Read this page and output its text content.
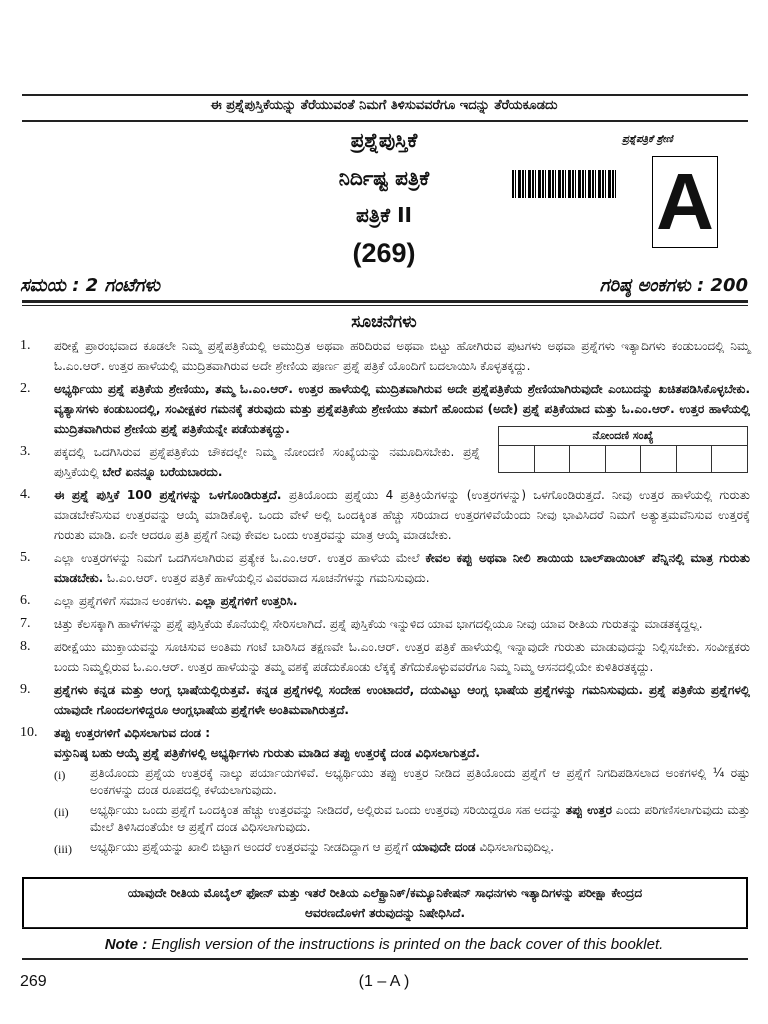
ಈ ಪ್ರಶ್ನೆಪುಸ್ತಿಕೆಯನ್ನು ತೆರೆಯುವಂತೆ ನಿಮಗೆ ತಿಳಿಸುವವರೆಗೂ ಇದನ್ನು ತೆರೆಯಕೂಡದು
ಪ್ರಶ್ನೆಪುಸ್ತಿಕೆ
ನಿರ್ದಿಷ್ಟ ಪತ್ರಿಕೆ
ಪತ್ರಿಕೆ II
(269)
ಪ್ರಶ್ನೆಪತ್ರಿಕೆ ಶ್ರೇಣಿ
A
ಸಮಯ : 2 ಗಂಟೆಗಳು	ಗರಿಷ್ಠ ಅಂಕಗಳು : 200
ಸೂಚನೆಗಳು
ನೋಂದಣಿ ಸಂಖ್ಯೆ
1.	ಪರೀಕ್ಷೆ ಪ್ರಾರಂಭವಾದ ಕೂಡಲೇ ನಿಮ್ಮ ಪ್ರಶ್ನೆಪತ್ರಿಕೆಯಲ್ಲಿ ಅಮುದ್ರಿತ ಅಥವಾ ಹರಿದಿರುವ ಅಥವಾ ಬಿಟ್ಟು ಹೋಗಿರುವ ಪುಟಗಳು ಅಥವಾ ಪ್ರಶ್ನೆಗಳು ಇತ್ಯಾದಿಗಳು ಕಂಡುಬಂದಲ್ಲಿ ನಿಮ್ಮ ಓ.ಎಂ.ಆರ್. ಉತ್ತರ ಹಾಳೆಯಲ್ಲಿ ಮುದ್ರಿತವಾಗಿರುವ ಅದೇ ಶ್ರೇಣಿಯ ಪೂರ್ಣ ಪ್ರಶ್ನೆ ಪತ್ರಿಕೆ ಯೊಂದಿಗೆ ಬದಲಾಯಿಸಿ ಕೊಳ್ಳತಕ್ಕದ್ದು.
2.	ಅಭ್ಯರ್ಥಿಯು ಪ್ರಶ್ನೆ ಪತ್ರಿಕೆಯ ಶ್ರೇಣಿಯು, ತಮ್ಮ ಓ.ಎಂ.ಆರ್. ಉತ್ತರ ಹಾಳೆಯಲ್ಲಿ ಮುದ್ರಿತವಾಗಿರುವ ಅದೇ ಪ್ರಶ್ನೆಪತ್ರಿಕೆಯ ಶ್ರೇಣಿಯಾಗಿರುವುದೇ ಎಂಬುದನ್ನು ಖಚಿತಪಡಿಸಿಕೊಳ್ಳಬೇಕು. ವ್ಯತ್ಯಾಸಗಳು ಕಂಡುಬಂದಲ್ಲಿ, ಸಂವೀಕ್ಷಕರ ಗಮನಕ್ಕೆ ತರುವುದು ಮತ್ತು ಪ್ರಶ್ನೆಪತ್ರಿಕೆಯ ಶ್ರೇಣಿಯು ತಮಗೆ ಹೊಂದುವ (ಅದೇ) ಪ್ರಶ್ನೆ ಪತ್ರಿಕೆಯಾದ ಮತ್ತು ಓ.ಎಂ.ಆರ್. ಉತ್ತರ ಹಾಳೆಯಲ್ಲಿ ಮುದ್ರಿತವಾಗಿರುವ ಶ್ರೇಣಿಯ ಪ್ರಶ್ನೆ ಪತ್ರಿಕೆಯನ್ನೇ ಪಡೆಯತಕ್ಕದ್ದು.
3.	ಪಕ್ಕದಲ್ಲಿ ಒದಗಿಸಿರುವ ಪ್ರಶ್ನೆಪತ್ರಿಕೆಯ ಚೌಕದಲ್ಲೇ ನಿಮ್ಮ ನೋಂದಣಿ ಸಂಖ್ಯೆಯನ್ನು ನಮೂದಿಸಬೇಕು. ಪ್ರಶ್ನೆ ಪುಸ್ತಿಕೆಯಲ್ಲಿ ಬೇರೆ ಏನನ್ನೂ ಬರೆಯಬಾರದು.
4.	ಈ ಪ್ರಶ್ನೆ ಪುಸ್ತಿಕೆ 100 ಪ್ರಶ್ನೆಗಳನ್ನು ಒಳಗೊಂಡಿರುತ್ತದೆ. ಪ್ರತಿಯೊಂದು ಪ್ರಶ್ನೆಯು 4 ಪ್ರತಿಕ್ರಿಯೆಗಳನ್ನು (ಉತ್ತರಗಳನ್ನು) ಒಳಗೊಂಡಿರುತ್ತದೆ. ನೀವು ಉತ್ತರ ಹಾಳೆಯಲ್ಲಿ ಗುರುತು ಮಾಡಬೇಕೆನಿಸುವ ಉತ್ತರವನ್ನು ಆಯ್ಕೆ ಮಾಡಿಕೊಳ್ಳಿ. ಒಂದು ವೇಳೆ ಅಲ್ಲಿ ಒಂದಕ್ಕಿಂತ ಹೆಚ್ಚು ಸರಿಯಾದ ಉತ್ತರಗಳಿವೆಯೆಂದು ನೀವು ಭಾವಿಸಿದರೆ ನಿಮಗೆ ಅತ್ಯುತ್ತಮವೆನಿಸುವ ಉತ್ತರಕ್ಕೆ ಗುರುತು ಮಾಡಿ. ಏನೇ ಆದರೂ ಪ್ರತಿ ಪ್ರಶ್ನೆಗೆ ನೀವು ಕೇವಲ ಒಂದು ಉತ್ತರವನ್ನು ಮಾತ್ರ ಆಯ್ಕೆ ಮಾಡಬೇಕು.
5.	ಎಲ್ಲಾ ಉತ್ತರಗಳನ್ನು ನಿಮಗೆ ಒದಗಿಸಲಾಗಿರುವ ಪ್ರತ್ಯೇಕ ಓ.ಎಂ.ಆರ್. ಉತ್ತರ ಹಾಳೆಯ ಮೇಲೆ ಕೇವಲ ಕಪ್ಪು ಅಥವಾ ನೀಲಿ ಶಾಯಿಯ ಬಾಲ್‌ಪಾಯಿಂಟ್ ಪೆನ್ನಿನಲ್ಲಿ ಮಾತ್ರ ಗುರುತು ಮಾಡಬೇಕು. ಓ.ಎಂ.ಆರ್. ಉತ್ತರ ಪತ್ರಿಕೆ ಹಾಳೆಯಲ್ಲಿನ ವಿವರವಾದ ಸೂಚನೆಗಳನ್ನು ಗಮನಿಸುವುದು.
6.	ಎಲ್ಲಾ ಪ್ರಶ್ನೆಗಳಿಗೆ ಸಮಾನ ಅಂಕಗಳು. ಎಲ್ಲಾ ಪ್ರಶ್ನೆಗಳಿಗೆ ಉತ್ತರಿಸಿ.
7.	ಚಿತ್ತು ಕೆಲಸಕ್ಕಾಗಿ ಹಾಳೆಗಳನ್ನು ಪ್ರಶ್ನೆ ಪುಸ್ತಿಕೆಯ ಕೊನೆಯಲ್ಲಿ ಸೇರಿಸಲಾಗಿದೆ. ಪ್ರಶ್ನೆ ಪುಸ್ತಿಕೆಯ ಇನ್ನುಳಿದ ಯಾವ ಭಾಗದಲ್ಲಿಯೂ ನೀವು ಯಾವ ರೀತಿಯ ಗುರುತನ್ನು ಮಾಡತಕ್ಕದ್ದಲ್ಲ.
8.	ಪರೀಕ್ಷೆಯು ಮುಕ್ತಾಯವನ್ನು ಸೂಚಿಸುವ ಅಂತಿಮ ಗಂಟೆ ಬಾರಿಸಿದ ತಕ್ಷಣವೇ ಓ.ಎಂ.ಆರ್. ಉತ್ತರ ಪತ್ರಿಕೆ ಹಾಳೆಯಲ್ಲಿ ಇನ್ನಾವುದೇ ಗುರುತು ಮಾಡುವುದನ್ನು ನಿಲ್ಲಿಸಬೇಕು. ಸಂವೀಕ್ಷಕರು ಬಂದು ನಿಮ್ಮಲ್ಲಿರುವ ಓ.ಎಂ.ಆರ್. ಉತ್ತರ ಹಾಳೆಯನ್ನು ತಮ್ಮ ವಶಕ್ಕೆ ಪಡೆದುಕೊಂಡು ಲೆಕ್ಕಕ್ಕೆ ತೆಗೆದುಕೊಳ್ಳುವವರೆಗೂ ನಿಮ್ಮ ನಿಮ್ಮ ಆಸನದಲ್ಲಿಯೇ ಕುಳಿತಿರತಕ್ಕದ್ದು.
9.	ಪ್ರಶ್ನೆಗಳು ಕನ್ನಡ ಮತ್ತು ಆಂಗ್ಲ ಭಾಷೆಯಲ್ಲಿರುತ್ತವೆ. ಕನ್ನಡ ಪ್ರಶ್ನೆಗಳಲ್ಲಿ ಸಂದೇಹ ಉಂಟಾದರೆ, ದಯವಿಟ್ಟು ಆಂಗ್ಲ ಭಾಷೆಯ ಪ್ರಶ್ನೆಗಳನ್ನು ಗಮನಿಸುವುದು. ಪ್ರಶ್ನೆ ಪತ್ರಿಕೆಯ ಪ್ರಶ್ನೆಗಳಲ್ಲಿ ಯಾವುದೇ ಗೊಂದಲಗಳಿದ್ದರೂ ಆಂಗ್ಲಭಾಷೆಯ ಪ್ರಶ್ನೆಗಳೇ ಅಂತಿಮವಾಗಿರುತ್ತದೆ.
10.	ತಪ್ಪು ಉತ್ತರಗಳಿಗೆ ವಿಧಿಸಲಾಗುವ ದಂಡ :
ವಸ್ತುನಿಷ್ಠ ಬಹು ಆಯ್ಕೆ ಪ್ರಶ್ನೆ ಪತ್ರಿಕೆಗಳಲ್ಲಿ ಅಭ್ಯರ್ಥಿಗಳು ಗುರುತು ಮಾಡಿದ ತಪ್ಪು ಉತ್ತರಕ್ಕೆ ದಂಡ ವಿಧಿಸಲಾಗುತ್ತದೆ.
(i)	ಪ್ರತಿಯೊಂದು ಪ್ರಶ್ನೆಯ ಉತ್ತರಕ್ಕೆ ನಾಲ್ಕು ಪರ್ಯಾಯಗಳಿವೆ. ಅಭ್ಯರ್ಥಿಯು ತಪ್ಪು ಉತ್ತರ ನೀಡಿದ ಪ್ರತಿಯೊಂದು ಪ್ರಶ್ನೆಗೆ ಆ ಪ್ರಶ್ನೆಗೆ ನಿಗದಿಪಡಿಸಲಾದ ಅಂಕಗಳಲ್ಲಿ ¼ ರಷ್ಟು ಅಂಕಗಳನ್ನು ದಂಡ ರೂಪದಲ್ಲಿ ಕಳೆಯಲಾಗುವುದು.
(ii)	ಅಭ್ಯರ್ಥಿಯು ಒಂದು ಪ್ರಶ್ನೆಗೆ ಒಂದಕ್ಕಿಂತ ಹೆಚ್ಚು ಉತ್ತರವನ್ನು ನೀಡಿದರೆ, ಅಲ್ಲಿರುವ ಒಂದು ಉತ್ತರವು ಸರಿಯಿದ್ದರೂ ಸಹ ಅದನ್ನು ತಪ್ಪು ಉತ್ತರ ಎಂದು ಪರಿಗಣಿಸಲಾಗುವುದು ಮತ್ತು ಮೇಲೆ ತಿಳಿಸಿದಂತೆಯೇ ಆ ಪ್ರಶ್ನೆಗೆ ದಂಡ ವಿಧಿಸಲಾಗುವುದು.
(iii)	ಅಭ್ಯರ್ಥಿಯು ಪ್ರಶ್ನೆಯನ್ನು ಖಾಲಿ ಬಿಟ್ಟಾಗ ಅಂದರೆ ಉತ್ತರವನ್ನು ನೀಡದಿದ್ದಾಗ ಆ ಪ್ರಶ್ನೆಗೆ ಯಾವುದೇ ದಂಡ ವಿಧಿಸಲಾಗುವುದಿಲ್ಲ.
ಯಾವುದೇ ರೀತಿಯ ಮೊಬೈಲ್ ಫೋನ್ ಮತ್ತು ಇತರೆ ರೀತಿಯ ಎಲೆಕ್ಟ್ರಾನಿಕ್/ಕಮ್ಯೂನಿಕೇಷನ್ ಸಾಧನಗಳು ಇತ್ಯಾದಿಗಳನ್ನು ಪರೀಕ್ಷಾ ಕೇಂದ್ರದ
ಆವರಣದೊಳಗೆ ತರುವುದನ್ನು ನಿಷೇಧಿಸಿದೆ.
Note : English version of the instructions is printed on the back cover of this booklet.
269	(1 – A )
